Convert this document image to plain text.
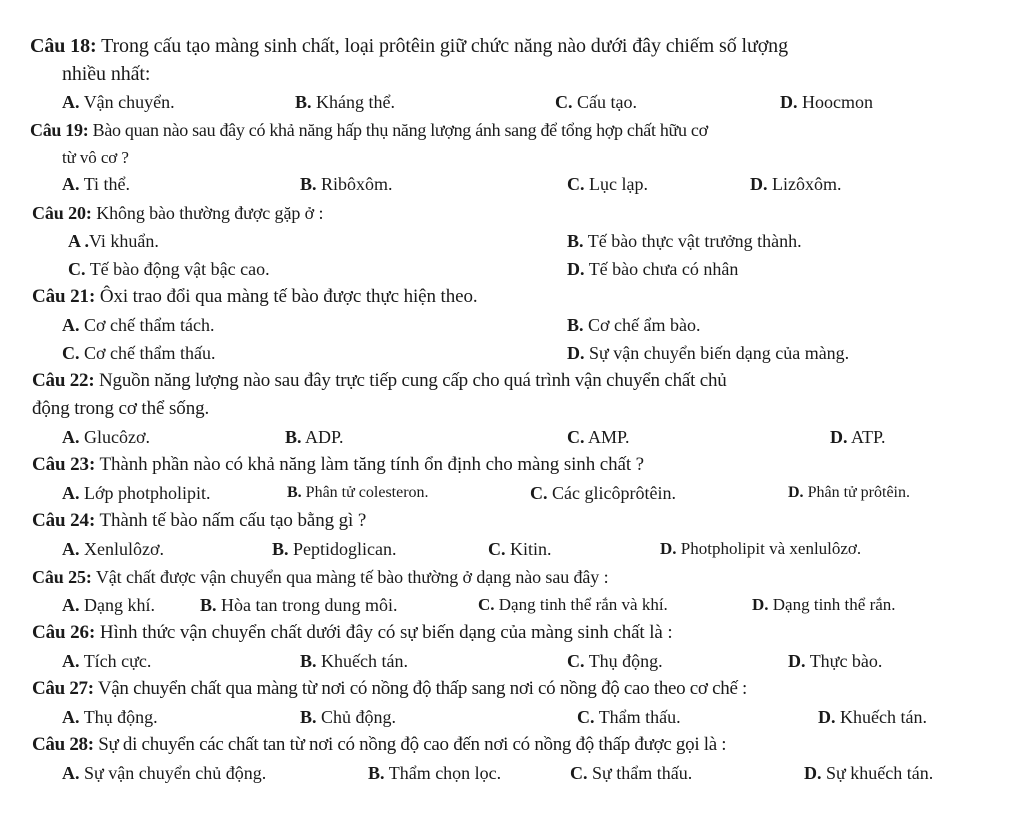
Câu 18: Trong cấu tạo màng sinh chất, loại prôtêin giữ chức năng nào dưới đây chiếm số lượng
nhiều nhất:
A. Vận chuyển.	B. Kháng thể.	C. Cấu tạo.	D. Hoocmon
Câu 19: Bào quan nào sau đây có khả năng hấp thụ năng lượng ánh sang để tổng hợp chất hữu cơ
từ vô cơ ?
A. Ti thể.	B. Ribôxôm.	C. Lục lạp.	D. Lizôxôm.
Câu 20: Không bào thường được gặp ở :
A .Vi khuẩn.	B. Tế bào thực vật trưởng thành.
C. Tế bào động vật bậc cao.	D. Tế bào chưa có nhân
Câu 21: Ôxi trao đổi qua màng tế bào được thực hiện theo.
A. Cơ chế thẩm tách.	B. Cơ chế ẩm bào.
C. Cơ chế thẩm thấu.	D. Sự vận chuyển biến dạng của màng.
Câu 22: Nguồn năng lượng nào sau đây trực tiếp cung cấp cho quá trình vận chuyển chất chủ
động trong cơ thể sống.
A. Glucôzơ.	B. ADP.	C. AMP.	D. ATP.
Câu 23: Thành phần nào có khả năng làm tăng tính ổn định cho màng sinh chất ?
A. Lớp photpholipit.	B. Phân tử colesteron.	C. Các glicôprôtêin.	D. Phân tử prôtêin.
Câu 24: Thành tế bào nấm cấu tạo bằng gì ?
A. Xenlulôzơ.	B. Peptidoglican.	C. Kitin.	D. Photpholipit và xenlulôzơ.
Câu 25: Vật chất được vận chuyển qua màng tế bào thường ở dạng nào sau đây :
A. Dạng khí.	B. Hòa tan trong dung môi.	C. Dạng tinh thể rắn và khí.	D. Dạng tinh thể rắn.
Câu 26: Hình thức vận chuyển chất dưới đây có sự biến dạng của màng sinh chất là :
A. Tích cực.	B. Khuếch tán.	C. Thụ động.	D. Thực bào.
Câu 27: Vận chuyển chất qua màng từ nơi có nồng độ thấp sang nơi có nồng độ cao theo cơ chế :
A. Thụ động.	B. Chủ động.	C. Thẩm thấu.	D. Khuếch tán.
Câu 28: Sự di chuyển các chất tan từ nơi có nồng độ cao đến nơi có nồng độ thấp được gọi là :
A. Sự vận chuyển chủ động.	B. Thẩm chọn lọc.	C. Sự thẩm thấu.	D. Sự khuếch tán.
